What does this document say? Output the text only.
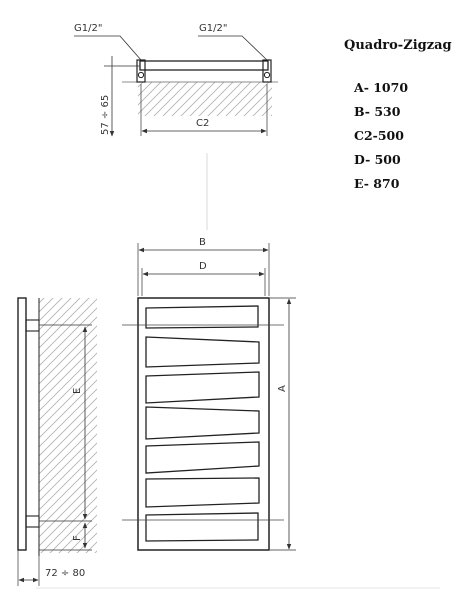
G1/2"	G1/2"
57 ÷ 65	C2
E
F
72 ÷ 80
B
D
A
Quadro-Zigzag
A- 1070
B- 530
C2-500
D- 500
E- 870
